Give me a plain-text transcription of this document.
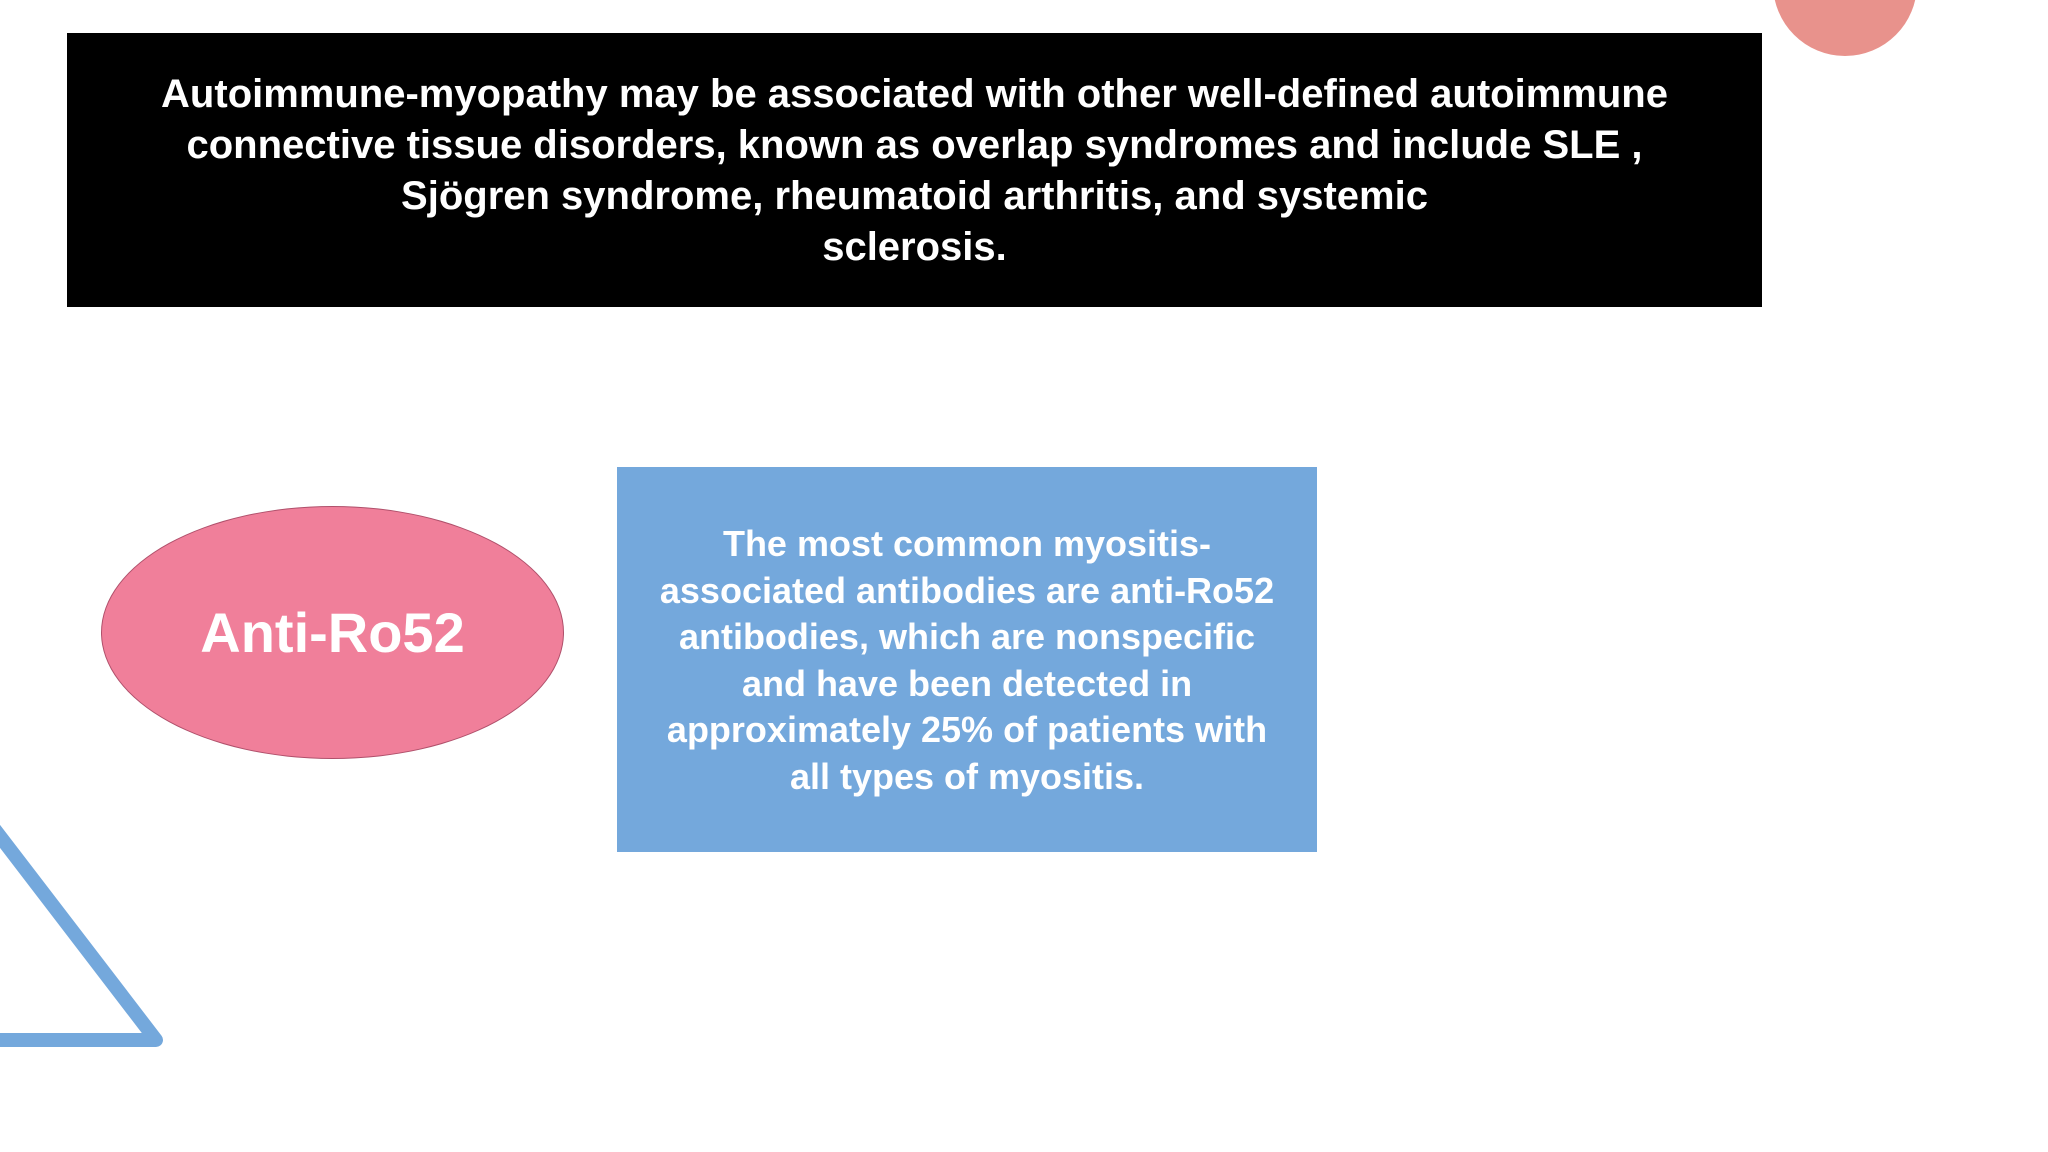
Autoimmune-myopathy may be associated with other well-defined autoimmune
connective tissue disorders, known as overlap syndromes and include SLE ,
Sjögren syndrome, rheumatoid arthritis, and systemic
sclerosis.

Anti-Ro52

The most common myositis-
associated antibodies are anti-Ro52
antibodies, which are nonspecific
and have been detected in
approximately 25% of patients with
all types of myositis.
